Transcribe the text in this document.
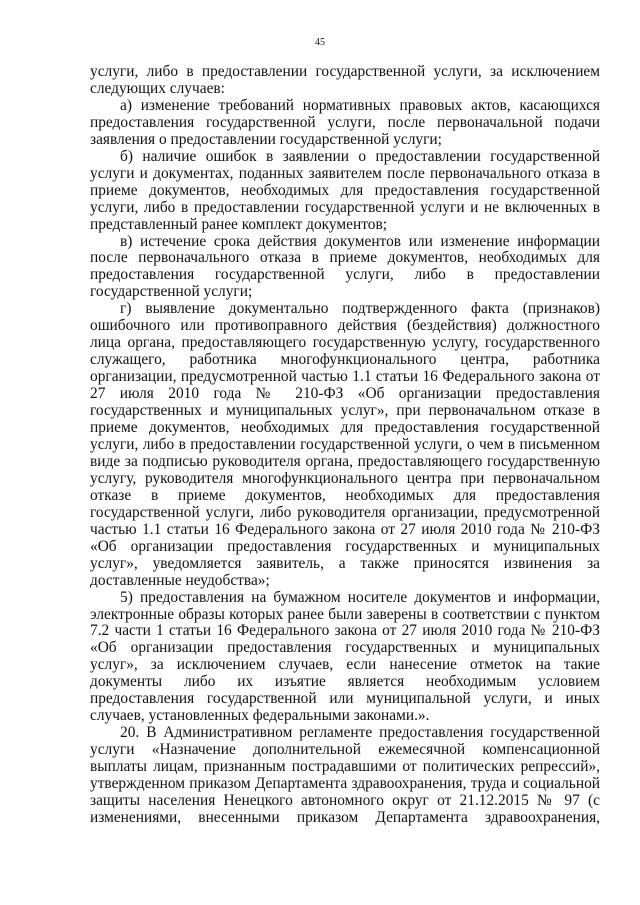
45

услуги, либо в предоставлении государственной услуги, за исключением следующих случаев:

а) изменение требований нормативных правовых актов, касающихся предоставления государственной услуги, после первоначальной подачи заявления о предоставлении государственной услуги;

б) наличие ошибок в заявлении о предоставлении государственной услуги и документах, поданных заявителем после первоначального отказа в приеме документов, необходимых для предоставления государственной услуги, либо в предоставлении государственной услуги и не включенных в представленный ранее комплект документов;

в) истечение срока действия документов или изменение информации после первоначального отказа в приеме документов, необходимых для предоставления государственной услуги, либо в предоставлении государственной услуги;

г) выявление документально подтвержденного факта (признаков) ошибочного или противоправного действия (бездействия) должностного лица органа, предоставляющего государственную услугу, государственного служащего, работника многофункционального центра, работника организации, предусмотренной частью 1.1 статьи 16 Федерального закона от 27 июля 2010 года № 210-ФЗ «Об организации предоставления государственных и муниципальных услуг», при первоначальном отказе в приеме документов, необходимых для предоставления государственной услуги, либо в предоставлении государственной услуги, о чем в письменном виде за подписью руководителя органа, предоставляющего государственную услугу, руководителя многофункционального центра при первоначальном отказе в приеме документов, необходимых для предоставления государственной услуги, либо руководителя организации, предусмотренной частью 1.1 статьи 16 Федерального закона от 27 июля 2010 года № 210-ФЗ «Об организации предоставления государственных и муниципальных услуг», уведомляется заявитель, а также приносятся извинения за доставленные неудобства»;

5) предоставления на бумажном носителе документов и информации, электронные образы которых ранее были заверены в соответствии с пунктом 7.2 части 1 статьи 16 Федерального закона от 27 июля 2010 года № 210-ФЗ «Об организации предоставления государственных и муниципальных услуг», за исключением случаев, если нанесение отметок на такие документы либо их изъятие является необходимым условием предоставления государственной или муниципальной услуги, и иных случаев, установленных федеральными законами.».

20. В Административном регламенте предоставления государственной услуги «Назначение дополнительной ежемесячной компенсационной выплаты лицам, признанным пострадавшими от политических репрессий», утвержденном приказом Департамента здравоохранения, труда и социальной защиты населения Ненецкого автономного округ от 21.12.2015 № 97 (с изменениями, внесенными приказом Департамента здравоохранения,
